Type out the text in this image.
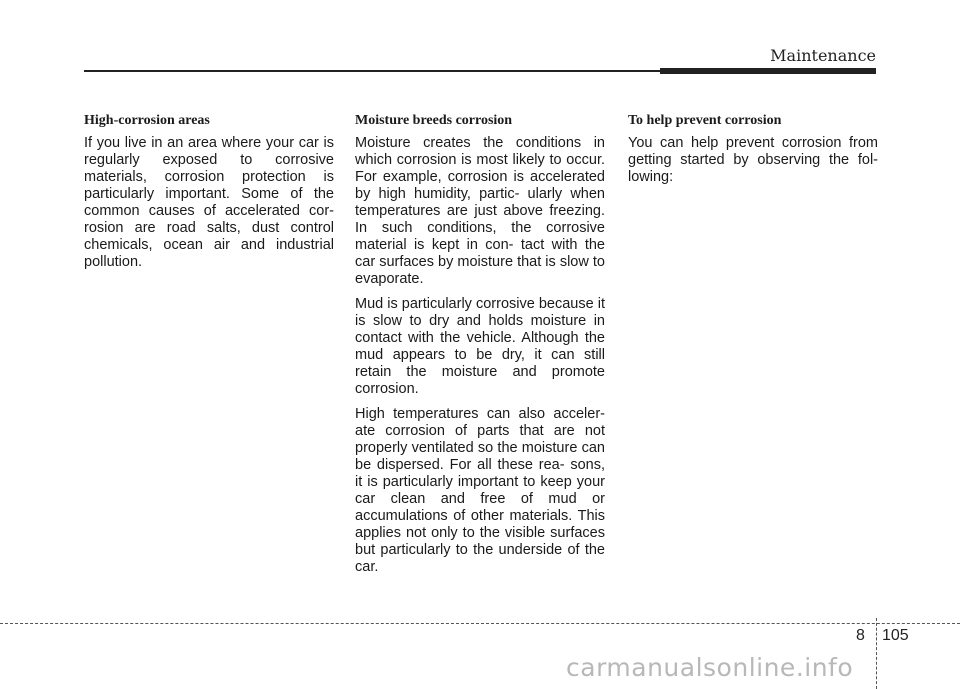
Maintenance
High-corrosion areas

If you live in an area where your car is regularly exposed to corrosive materials, corrosion protection is particularly important. Some of the common causes of accelerated cor- rosion are road salts, dust control chemicals, ocean air and industrial pollution.

Moisture breeds corrosion

Moisture creates the conditions in which corrosion is most likely to occur. For example, corrosion is accelerated by high humidity, partic- ularly when temperatures are just above freezing. In such conditions, the corrosive material is kept in con- tact with the car surfaces by moisture that is slow to evaporate.

Mud is particularly corrosive because it is slow to dry and holds moisture in contact with the vehicle. Although the mud appears to be dry, it can still retain the moisture and promote corrosion.

High temperatures can also acceler- ate corrosion of parts that are not properly ventilated so the moisture can be dispersed. For all these rea- sons, it is particularly important to keep your car clean and free of mud or accumulations of other materials. This applies not only to the visible surfaces but particularly to the underside of the car.

To help prevent corrosion

You can help prevent corrosion from getting started by observing the fol- lowing:

8 105
carmanualsonline.info
